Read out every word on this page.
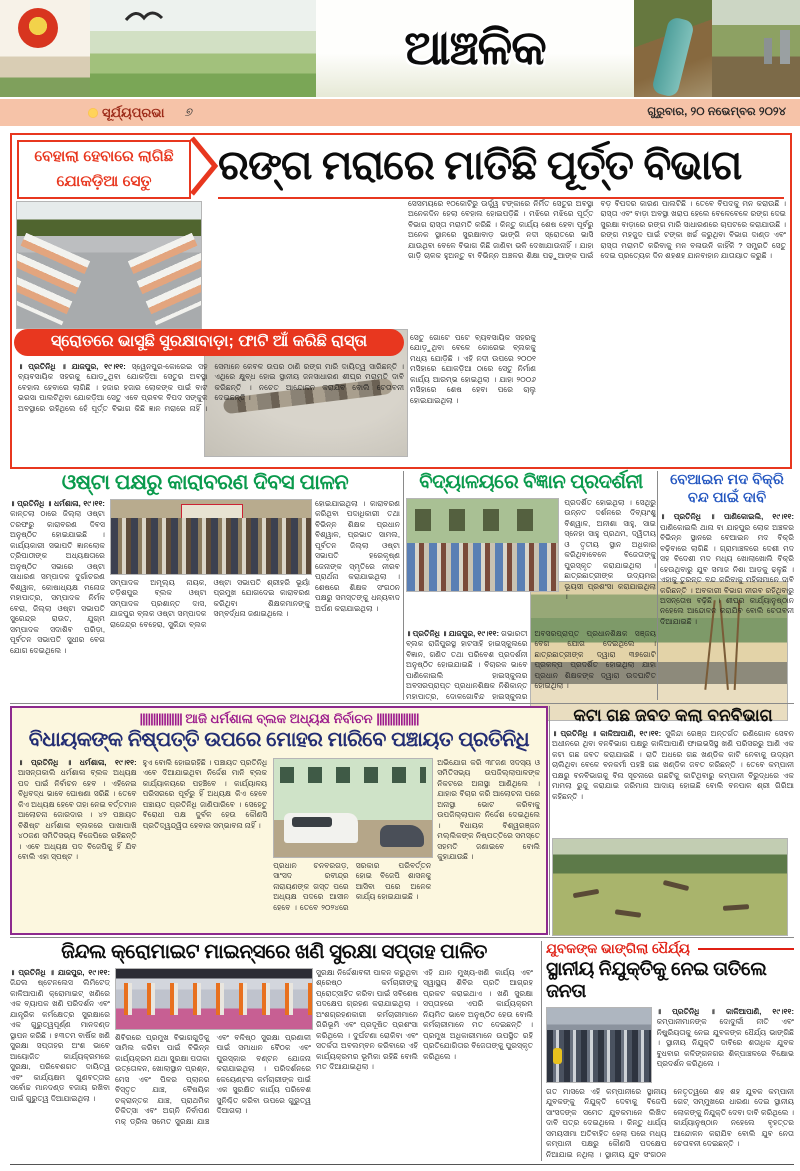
ଆଞ୍ଚଳିକ
ସୂର୍ଯ୍ୟପ୍ରଭା ୭	ଗୁରୁବାର, ୨୦ ନଭେମ୍ବର ୨୦୨୪
ବେହାଲା ହେବାରେ ଲାଗିଛି ଯୋକଡ଼ିଆ ସେତୁ	ରଙ୍ଗ ମରାରେ ମାତିଛି ପୂର୍ତ୍ତ ବିଭାଗ
ସେସମୟରେ ୧୦କୋଟିରୁ ଊର୍ଦ୍ଧ୍ୱ ଟଙ୍କାରେ ନିର୍ମିତ ସେତୁର ଅବସ୍ଥା ଅନେକଦିନ ହେଲା ବେହାଲ ହୋଇପଡ଼ିଛି । ମଝିରେ ମଝିରେ ପୂର୍ତ୍ତ ବିଭାଗ ରାସ୍ତା ମରାମତି କରିଛି । କିନ୍ତୁ କାର୍ଯ୍ୟ ଶେଷ ହେବା ପୂର୍ବରୁ ଅନେକ ସ୍ଥାନରେ ସୁରକ୍ଷାବାଡ଼ ଭାଙ୍ଗି ନଦୀ ସ୍ରୋତରେ ଭାସି ଯାଉଥିବା ବେଳେ ବିଭାଗ କିଛି ଜାଣିବା ଭଳି ଦେଖାଯାଉନାହିଁ । ଯାହା ଗାଡ଼ି ଚାଳକ ହୁଅନ୍ତୁ ବା ବିଭିନ୍ନ ଅଞ୍ଚଳର ଶିକ୍ଷା ପଢ଼ୁଆଙ୍କ ପାଇଁ ବଡ଼ ବିପଦର କାରଣ ପାଲଟିଛି । ତେବେ ବିପଦକୁ ମନ କରାଉଛି । ରାସ୍ତା ଏବଂ ବାଡ଼ା ଅବସ୍ଥା ଖରାପ ହେଲେ ବେଳେବେଳେ ରଙ୍ଗ ଦେଇ ସୁରକ୍ଷା ବାଡ଼ାରେ ରଙ୍ଗ ମାରି ସାଧାରଣରେ ଚାପଟରେ କରାଯାଉଛି । ରଙ୍ଗ ମହଜୁଦ ପାଇଁ ଟଙ୍କା ଖର୍ଚ୍ଚ କରୁଥିବା ବିଭାଗ ଦାଣ୍ଡ ଏବଂ ରାସ୍ତା ମରାମତି କରିବାକୁ ମନ ବଳାଉନି କାହିଁକି ? ସମ୍ପ୍ରତି ସେତୁ ଦେଇ ପ୍ରତ୍ୟେକ ଦିନ ଶହଶହ ଯାନବାହାନ ଯାତାୟାତ କରୁଛି ।
ସ୍ରୋତରେ ଭାସୁଛି ସୁରକ୍ଷାବାଡ଼ା; ଫାଟି ଆଁ କରିଛି ରାସ୍ତା
॥ ପ୍ରତିନିଧି ॥ ଯାଜପୁର, ୧୯।୧୧: ସ୍ୱେନପୁର-କୋରେଇ ସହ ବ୍ୟବସାୟିକ ସହରକୁ ଯୋଡ଼ୁଥିବା ଯୋକଡ଼ିଆ ସେତୁର ଅବସ୍ଥା ବେହାଲ ହେବାରେ ଲାଗିଛି । ହଜାର ହଜାର ଲୋକଙ୍କ ପାଇଁ ବାଟ ଭରସା ପାଲଟିଥିବା ଯୋକଡ଼ିଆ ସେତୁ ଏବେ ପ୍ରବଳ ବିପଦ ସଙ୍କୁଳ ଅବସ୍ଥାରେ ରହିଥିଲେ ହେଁ ପୂର୍ତ୍ତ ବିଭାଗ କିଛି ଜ୍ଞାନ ମରାରେ ନାହିଁ । ସେମାନେ କେବଳ ଉପର ଠାଣି ରଙ୍ଗ ମାରି ଦାୟିତ୍ୱ ସାରିଛନ୍ତି । ଏଥିରେ କ୍ଷୁବ୍ଧ ହୋଇ ସ୍ଥାନୀୟ ଜନସାଧାରଣ ଶୀଘ୍ର ମରାମତି ଦାବି କରିଛନ୍ତି । ନଚେତ ଆନ୍ଦୋଳନ କରାଯିବ ବୋଲି ଚେତାବନୀ ଦେଇଛନ୍ତି ।
ସେତୁ ଗୋଟେ ପଟେ ବ୍ୟବସାୟିକ ସହରକୁ ଯୋଡ଼ୁଥିବା ବେଳେ କୋରେଇ ବ୍ଲକକୁ ମଧ୍ୟ ଯୋଡ଼ିଛି । ଏହି ନଦୀ ଉପରେ ୨୦୦୧ ମସିହାରେ ଯୋକଡ଼ିଆ ଠାରେ ସେତୁ ନିର୍ମାଣ କାର୍ଯ୍ୟ ଆରମ୍ଭ ହୋଇଥିଲା । ଯାହା ୨୦୦୬ ମସିହାରେ ଶେଷ ହେବା ପରେ ଚାଲୁ ହୋଇଯାଇଥିଲା ।
ଓଷ୍ଟା ପକ୍ଷରୁ କାରାବରଣ ଦିବସ ପାଳନ
॥ ପ୍ରତିନିଧି ॥ ଧର୍ମଶାଳା, ୧୯।୧୧:କାନ୍ତଲା ଠାରେ ଜିଲ୍ଲା ଓଷ୍ଟା ତରଫରୁ କାରାବରଣ ଦିବସ ଅନୁଷ୍ଠିତ ହୋଇଯାଇଛି । କାର୍ଯ୍ୟକାରୀ ସଭାପତି ଜ୍ଞାନଲୋକ ତ୍ରିପାଠୀଙ୍କ ଅଧ୍ୟକ୍ଷତାରେ ଅନୁଷ୍ଠିତ ସଭାରେ ଓଷ୍ଟା ସାଧାରଣ ସମ୍ପାଦକ ଦୁର୍ଗାଚରଣ ବିଶ୍ୱାଳ, କୋଷାଧ୍ୟକ୍ଷ ମନୋଜ ମହାପାତ୍ର, ସମ୍ପାଦକ ନିର୍ମଳ ବେରା, ଜିଲ୍ଲା ଓଷ୍ଟା ସଭାପତି ସୁରେନ୍ଦ୍ର ରାଉତ, ଯୁଗ୍ମ ସମ୍ପାଦକ ସଦାଶିବ ପରିଡ଼ା, ପୂର୍ବତନ ସଭାପତି ସୁଧୀର ବେଗ ଯୋଗ ଦେଇଥିଲେ ।
ସମ୍ପାଦକ ଅମୂଲ୍ୟ ନାୟକ, ଚଡ଼ିଶପୁର ବ୍ଲକ ଓଷ୍ଟା ସମ୍ପାଦକ ପ୍ରଶାନ୍ତ ଦାସ, ଯାଜପୁର ବ୍ଲକ ଓଷ୍ଟା ସମ୍ପାଦକ ରାଜେନ୍ଦ୍ର ବେହେରା, ସୁକିନ୍ଦା ବ୍ଲକ ଓଷ୍ଟା ସଭାପତି ଶ୍ରୀହରି ଭୂୟାଁ ପ୍ରମୁଖ ଯୋଗଦେଇ କାରାବରଣ କରିଥିବା ଶିକ୍ଷକମାନଙ୍କୁ ସମ୍ବର୍ଦ୍ଧନା ଜଣାଇଥିଲେ ।
ହୋଇଯାଇଥିଲା । କାରାବରଣ କରିଥିବା ପଦାଧିକାରୀ ତଥା ବିଭିନ୍ନ ଶିକ୍ଷକ ପ୍ରଧାନ ବିଶ୍ୱାଳ, ପ୍ରଭାତ ସାମଲ, ପୂର୍ବତନ ଜିଲ୍ଲା ଓଷ୍ଟା ସଭାପତି ହରେକୃଷ୍ଣ ଜେନାଙ୍କ ସ୍ମୃତିରେ ନୀରବ ପ୍ରାର୍ଥନା କରାଯାଇଥିଲା । ଶେଷରେ ଶିକ୍ଷକ ସଂଗଠନ ପକ୍ଷରୁ ସମସ୍ତଙ୍କୁ ଧନ୍ୟବାଦ ଅର୍ପଣ କରାଯାଇଥିଲା ।
ବିଦ୍ୟାଳୟରେ ବିଜ୍ଞାନ ପ୍ରଦର୍ଶନୀ
ପ୍ରଦର୍ଶିତ ହୋଇଥିଲା । ସେଥିରୁ ଉନ୍ନତ ଦର୍ଶନରେ ଦିବ୍ୟାଂଶୁ ବିଶ୍ୱାଳ, ଅନୀଶା ସାହୁ, ସାଇ ସ୍ନେହା ସାହୁ ପ୍ରଥମ, ଦ୍ୱିତୀୟ ଓ ତୃତୀୟ ସ୍ଥାନ ଅଧିକାର କରିଥିବାବେଳେ ବିଜେତାଙ୍କୁ ପୁରସ୍କୃତ କରାଯାଇଥିଲା । ଛାତ୍ରଛାତ୍ରୀଙ୍କ ଉଦ୍ୟମର ଭୂୟସୀ ପ୍ରଶଂସା କରାଯାଇଥିଲା ।
॥ ପ୍ରତିନିଧି ॥ ଯାଜପୁର, ୧୯।୧୧: ଗଭାରତୀ ବ୍ଲକ ରାଜିପୁରସ୍ଥ ହାଟସାହି ହାଇସ୍କୁଲରେ ବିଜ୍ଞାନ, ଗଣିତ ତଥା ପରିବେଶ ପ୍ରଦର୍ଶନୀ ଅନୁଷ୍ଠିତ ହୋଇଯାଇଛି । ବିଚାରକ ଭାବେ ପାଣିକୋଇଲି ହାଇସ୍କୁଲର ଅବସରପ୍ରାପ୍ତ ପ୍ରଧାନଶିକ୍ଷକ ନିଶିକାନ୍ତ ମହାପାତ୍ର, ଦୋଳଗୋବିନ୍ଦ ହାଇସ୍କୁଲର ଅବସରପ୍ରାପ୍ତ ପ୍ରଧାନଶିକ୍ଷକ ସଞ୍ଜୟ ବେଗ ଯୋଗ ଦେଇଥିଲେ । ଛାତ୍ରଛାତ୍ରୀଙ୍କ ଦ୍ୱାରା ୩୭ଗୋଟି ପ୍ରକଳ୍ପ ପ୍ରଦର୍ଶିତ ହୋଇଥିଲା ଯାହା ପ୍ରଧାନ ଶିକ୍ଷକଙ୍କ ଦ୍ୱାରା ଉଦଘାଟିତ ହୋଇଥିଲା ।
ବେଆଇନ ମଦ ବିକ୍ରି ବନ୍ଦ ପାଇଁ ଦାବି
॥ ପ୍ରତିନିଧି ॥ ପାଣିକୋଇଲି, ୧୯।୧୧:ପାଣିକୋଇଲି ଥାନା ବା ଯାହପୁର ଲୋକ ଅଞ୍ଚଳର ବିଭିନ୍ନ ସ୍ଥାନରେ ବେଆଇନ ମଦ ବିକ୍ରି ବଢ଼ିବାରେ ଲାଗିଛି । ଗ୍ରାମାଞ୍ଚଳରେ ଦେଶୀ ମଦ ସହ ବିଦେଶୀ ମଦ ମଧ୍ୟ ଖୋଲାଖୋଲି ବିକ୍ରି ହେଉଥିବାରୁ ଯୁବ ସମାଜ ନିଶା ଆଡ଼କୁ ଢଳୁଛି । ଏହାକୁ ତୁରନ୍ତ ବନ୍ଦ କରିବାକୁ ମହିଳାମାନେ ଦାବି କରିଛନ୍ତି । ଅବକାରୀ ବିଭାଗ ନୀରବ ରହିଥିବାରୁ ଅସନ୍ତୋଷ ବଢ଼ିଛି । ଶୀଘ୍ର କାର୍ଯ୍ୟାନୁଷ୍ଠାନ ନହେଲେ ଆନ୍ଦୋଳନ କରାଯିବ ବୋଲି ଚେତାବନୀ ଦିଆଯାଇଛି ।
|||||||||||||||| ଆଜି ଧର୍ମଶାଳା ବ୍ଲକ ଅଧ୍ୟକ୍ଷ ନିର୍ବାଚନ ||||||||||||||||
ବିଧାୟକଙ୍କ ନିଷ୍ପତ୍ତି ଉପରେ ମୋହର ମାରିବେ ପଞ୍ଚାୟତ ପ୍ରତିନିଧି
॥ ପ୍ରତିନିଧି ॥ ଧର୍ମଶାଳା, ୧୯।୧୧:ଆସନ୍ତାକାଲି ଧର୍ମଶାଳା ବ୍ଲକ ଅଧ୍ୟକ୍ଷ ପଦ ପାଇଁ ନିର୍ବାଚନ ହେବ । ଏହିନେଇ ବିଧିବଦ୍ଧ ଭାବେ ଘୋଷଣା ସରିଛି । ତେବେ କିଏ ଅଧ୍ୟକ୍ଷ ହେବେ ତାହା ନେଇ ବର୍ତ୍ତମାନ ଆଲୋଚନା ଜୋରଦାର । ୪୨ ପଞ୍ଚାୟତ ବିଶିଷ୍ଟ ଧର୍ମଶାଳା ବ୍ଲକରେ ପାଖାପାଖି ୪୦ଜଣ ସମିତିସଭ୍ୟ ବିଜେପିରେ ରହିଛନ୍ତି । ଏବେ ଅଧ୍ୟକ୍ଷ ପଦ ବିଜେପିକୁ ହିଁ ଯିବ ବୋଲି ଏହା ସ୍ପଷ୍ଟ ।
ହୁଏ ବୋଲି ହୋଇରହିଛି । ପଞ୍ଚାୟତ ପ୍ରତିନିଧି ଏବେ ଦିଆଯାଇଥିବା ନିର୍ଦ୍ଦେଶ ମାନି ବ୍ଲକ କାର୍ଯ୍ୟାଳୟରେ ପହଞ୍ଚିବେ । କାର୍ଯ୍ୟାଳୟ ପରିସରରେ ପୂର୍ବରୁ ହିଁ ଅଧ୍ୟକ୍ଷ କିଏ ହେବେ ପଞ୍ଚାୟତ ପ୍ରତିନିଧି ଜାଣିପାରିବେ । ସେହେତୁ ବିରୋଧୀ ପକ୍ଷ ଦୁର୍ବଳ ହେଉ କୌଣସି ପ୍ରତିଦ୍ୱନ୍ଦ୍ୱିତା ହେବାର ସମ୍ଭାବନା ନାହିଁ ।
ପ୍ରଧାନ ଚନବରଗଡ଼, ସାଂସଦ ରବୀନ୍ଦ୍ର ନାରାୟଣଙ୍କ ଗସ୍ତ ପରେ ଅଧ୍ୟକ୍ଷ ପଦରେ ଆସୀନ ହେବେ । ତେବେ ୨୦୨୪ରେ ସରକାର ପରିବର୍ତ୍ତନ ହୋଇ ବିଜେପି ଶାସନକୁ ଆସିବା ପରେ ଅନେକ କାର୍ଯ୍ୟ ହୋଇଯାଇଛି ।
ଅଭିଯୋଗ କରି ୩୮ଜଣ ସଦସ୍ୟ ଓ ସମିତିସଭ୍ୟ ଉପଜିଲ୍ଲାପାଳଙ୍କ ନିକଟରେ ଅନାସ୍ଥା ଆଣିଥିଲେ । ଯାହାର ବିଚାର କରି ଆଲୋଚନା ପରେ ଅନାସ୍ଥା ଭୋଟ କରିବାକୁ ଉପଜିଲ୍ଲାପାଳ ନିର୍ଦ୍ଦେଶ ଦେଇଥିଲେ । ବିଧାୟକ ବିଶ୍ୱରଞ୍ଜନ ମଲ୍ଲିକଙ୍କ ନିଷ୍ପତ୍ତିରେ ସମସ୍ତେ ସହମତି ଜଣାଇବେ ବୋଲି କୁହାଯାଉଛି ।
କଟା ଗଛ ଜବତ କଲା ବନବିଭାଗ
॥ ପ୍ରତିନିଧି ॥ କାଳିଆପାଣି, ୧୯।୧୧: ସୁକିନ୍ଦା ରେଞ୍ଜ ଅନ୍ତର୍ଗତ ରଣିଗୋଳ ସେବନ ଅଧୀନରେ ଥିବା ବନବିଭାଗ ପକ୍ଷରୁ କାଳିଆପାଣି ଫାଇଭସିସ୍ଥ ଖଣି ପରିସରରୁ ଆଣି ଏକ କଟା ଗଛ ଜବତ କରାଯାଇଛି । ରାତି ଅଧରେ ଗଛ ଖଣ୍ଡିକ କାଟି ନେବାକୁ ଉଦ୍ୟମ ଚାଲିଥିବା ବେଳେ ବନକର୍ମୀ ପହଞ୍ଚି ଗଛ ଖଣ୍ଡିକ ଜବତ କରିଛନ୍ତି । ତେବେ କମ୍ପାନୀ ପକ୍ଷରୁ ବନବିଭାଗକୁ ବିନା ସୂଚନାରେ ଗଛଟିକୁ କାଟିଥିବାରୁ କମ୍ପାନୀ ବିରୁଦ୍ଧରେ ଏକ ମାମଲା ରୁଜୁ କରାଯାଇ ଜରିମାନା ଆଦାୟ ହୋଇଛି ବୋଲି ବନପାଳ ଶ୍ରୀ ଗିରିଆ କହିଛନ୍ତି ।
ଜିନ୍ଦଲ କ୍ରୋମାଇଟ ମାଇନ୍ସରେ ଖଣି ସୁରକ୍ଷା ସପ୍ତାହ ପାଳିତ
॥ ପ୍ରତିନିଧି ॥ ଯାଜପୁର, ୧୯।୧୧:ଜିନ୍ଦଲ ଷ୍ଟେନଲେସ ଲିମିଟେଡ୍‌ କାଳିଆପାଣି କ୍ରୋମାଇଟ୍ ଖଣିରେ ଏକ ବ୍ୟାପକ ଖଣି ପରିଦର୍ଶନ ଏବଂ ଯାନ୍ତ୍ରିକ କର୍ମକ୍ଷେତ୍ର ସୁରକ୍ଷାରେ ଏକ ଗୁରୁତ୍ୱପୂର୍ଣ୍ଣ ମାନଦଣ୍ଡ ସ୍ଥାପନ କରିଛି । ୫୩ତମ ବାର୍ଷିକ ଖଣି ସୁରକ୍ଷା ସପ୍ତାହର ଅଂଶ ଭାବେ ଆୟୋଜିତ କାର୍ଯ୍ୟକ୍ରମରେ ସୁରକ୍ଷା, ପରିବେଶଗତ ଦାୟିତ୍ୱ ଏବଂ କାର୍ଯ୍ୟକ୍ଷମ ଗୁଣବତ୍ତାର ସର୍ବୋଚ୍ଚ ମାନଦଣ୍ଡ ବଜାୟ ରଖିବା ପାଇଁ ଗୁରୁତ୍ୱ ଦିଆଯାଇଥିଲା ।
ଶିବିରରେ ପ୍ରମୁଖ ବିଭାଗଗୁଡ଼ିକୁ ସାମିଲ କରିବା ପାଇଁ ବିଭିନ୍ନ କାର୍ଯ୍ୟକ୍ରମ ଯଥା ସୁରକ୍ଷା ପତାକା ଉତ୍ତୋଳନ, ଖୋଲାସ୍ଥାନ ପ୍ରଶ୍ନ, ମେସ ଏବଂ ପିଳର ପ୍ଲାନର ବିସ୍ତୃତ ଯାଞ୍ଚ, ବୈଷୟିକ ଚକ୍ରାନ୍ତକ ଯାଞ୍ଚ, ପ୍ରାଥମିକ ଚିକିତ୍ସା ଏବଂ ଅଗ୍ନି ନିର୍ବାପଣ ମକ୍ ଡ୍ରିଲ ସମେତ ସୁରକ୍ଷା ଯାଞ୍ଚ ଏବଂ ବଳିଷ୍ଠ ସୁରକ୍ଷା ପ୍ରଣାଳୀ ପାଇଁ ସମାଧାନ ବୈଠକ ଏବଂ ପୁରସ୍କାର ବଣ୍ଟନ ଯୋଜନା କରାଯାଇଥିଲା । ପରିଦର୍ଶନରେ କେୟେଣ୍ଟଲ କର୍ମଚାରୀଙ୍କ ପାଇଁ ଏକ ସୁରକ୍ଷିତ କାର୍ଯ୍ୟ ପରିବେଶ ସୁନିଶ୍ଚିତ କରିବା ଉପରେ ଗୁରୁତ୍ୱ ଦିଆଗଲା ।
ସୁରକ୍ଷା ନିର୍ଦ୍ଦେଶାବଳୀ ପାଳନ କରୁଥିବା ଶ୍ରେଷ୍ଠ କର୍ମଚାରୀଙ୍କୁ ପ୍ରୋତ୍ସାହିତ କରିବା ପାଇଁ ସବିଶେଷ ପଦକ୍ଷେପ ଗ୍ରହଣ କରାଯାଇଥିଲା । ଅଂଶଗ୍ରହଣକାରୀ କର୍ମଚାରୀମାନେ ଗିରିଭୂମି ଏବଂ ପ୍ରଦୂଷିତ ପ୍ରଶଂସା କରିଥିଲେ । ଦୁର୍ଘଟଣା ରୋକିବା ଏବଂ ସତର୍କତା ଅବଲମ୍ବନ କରିବାରେ ଏହି କାର୍ଯ୍ୟକ୍ରମର ଭୂମିକା ରହିଛି ବୋଲି ମତ ଦିଆଯାଇଥିଲା ।
ଏହି ଯାନ ମୁଖ୍ୟ-ଖଣି କାର୍ଯ୍ୟ ଏବଂ ସ୍ୱାସ୍ଥ୍ୟ ଶିବିର ପ୍ରତି ଆଗ୍ରହ ପ୍ରକଟ କରାଇଥାଏ । ଖଣି ସୁରକ୍ଷା ସପ୍ତାହରେ ଏପରି କାର୍ଯ୍ୟକ୍ରମ ନିୟମିତ ଭାବେ ଅନୁଷ୍ଠିତ ହେଉ ବୋଲି କର୍ମଚାରୀମାନେ ମତ ଦେଇଛନ୍ତି । ପ୍ରମୁଖ ଅଧିକାରୀମାନେ ଉପସ୍ଥିତ ରହି ପ୍ରତିଯୋଗିତାର ବିଜେତାଙ୍କୁ ପୁରସ୍କୃତ କରିଥିଲେ ।
ଯୁବକଙ୍କ ଭାଙ୍ଗିଲା ଧୈର୍ଯ୍ୟ
ସ୍ଥାନୀୟ ନିଯୁକ୍ତିକୁ ନେଇ ତାତିଲେ ଜନତା
॥ ପ୍ରତିନିଧି ॥ କାଳିଆପାଣି, ୧୯।୧୧:କମ୍ପାନୀମାନଙ୍କ ଦୋଦୁର୍ଲୀ ନୀତି ଏବଂ ନିଷ୍କ୍ରିୟତାକୁ ନେଇ ଯୁବକଙ୍କ ଧୈର୍ଯ୍ୟ ଭାଙ୍ଗିଛି । ସ୍ଥାନୀୟ ନିଯୁକ୍ତି ଦାବିରେ ଶତାଧିକ ଯୁବକ ବୁଧବାର କଳିଙ୍ଗନଗର ଶିଳ୍ପାଞ୍ଚଳରେ ବିକ୍ଷୋଭ ପ୍ରଦର୍ଶନ କରିଥିଲେ ।
ଗତ ମାସରେ ଏହି କମ୍ପାନୀରେ ସ୍ଥାନୀୟ ଯୁବକଙ୍କୁ ନିଯୁକ୍ତି ଦେବାକୁ ବିଜେପି ସାଂସଦଙ୍କ ସମେତ ଯୁବକମାନେ ଲିଖିତ ଦାବି ପତ୍ର ଦେଇଥିଲେ । କିନ୍ତୁ ଧାର୍ଯ୍ୟ ସମୟସୀମା ଅତିବାହିତ ହେଲା ପରେ ମଧ୍ୟ କମ୍ପାନୀ ପକ୍ଷରୁ କୌଣସି ପଦକ୍ଷେପ ନିଆଯାଇ ନଥିଲା । ସ୍ଥାନୀୟ ଯୁବ ସଂଗଠନ ନେତୃତ୍ୱରେ ଶହ ଶହ ଯୁବକ କମ୍ପାନୀ ଗେଟ୍ ସମ୍ମୁଖରେ ଧାରଣା ଦେଇ ସ୍ଥାନୀୟ ଲୋକଙ୍କୁ ନିଯୁକ୍ତି ଦେବା ଦାବି କରିଥିଲେ । କାର୍ଯ୍ୟାନୁଷ୍ଠାନ ନହେଲେ ବୃହତ୍ତର ଆନ୍ଦୋଳନ କରାଯିବ ବୋଲି ଯୁବ ନେତା ଚେତାବନୀ ଦେଇଛନ୍ତି ।
